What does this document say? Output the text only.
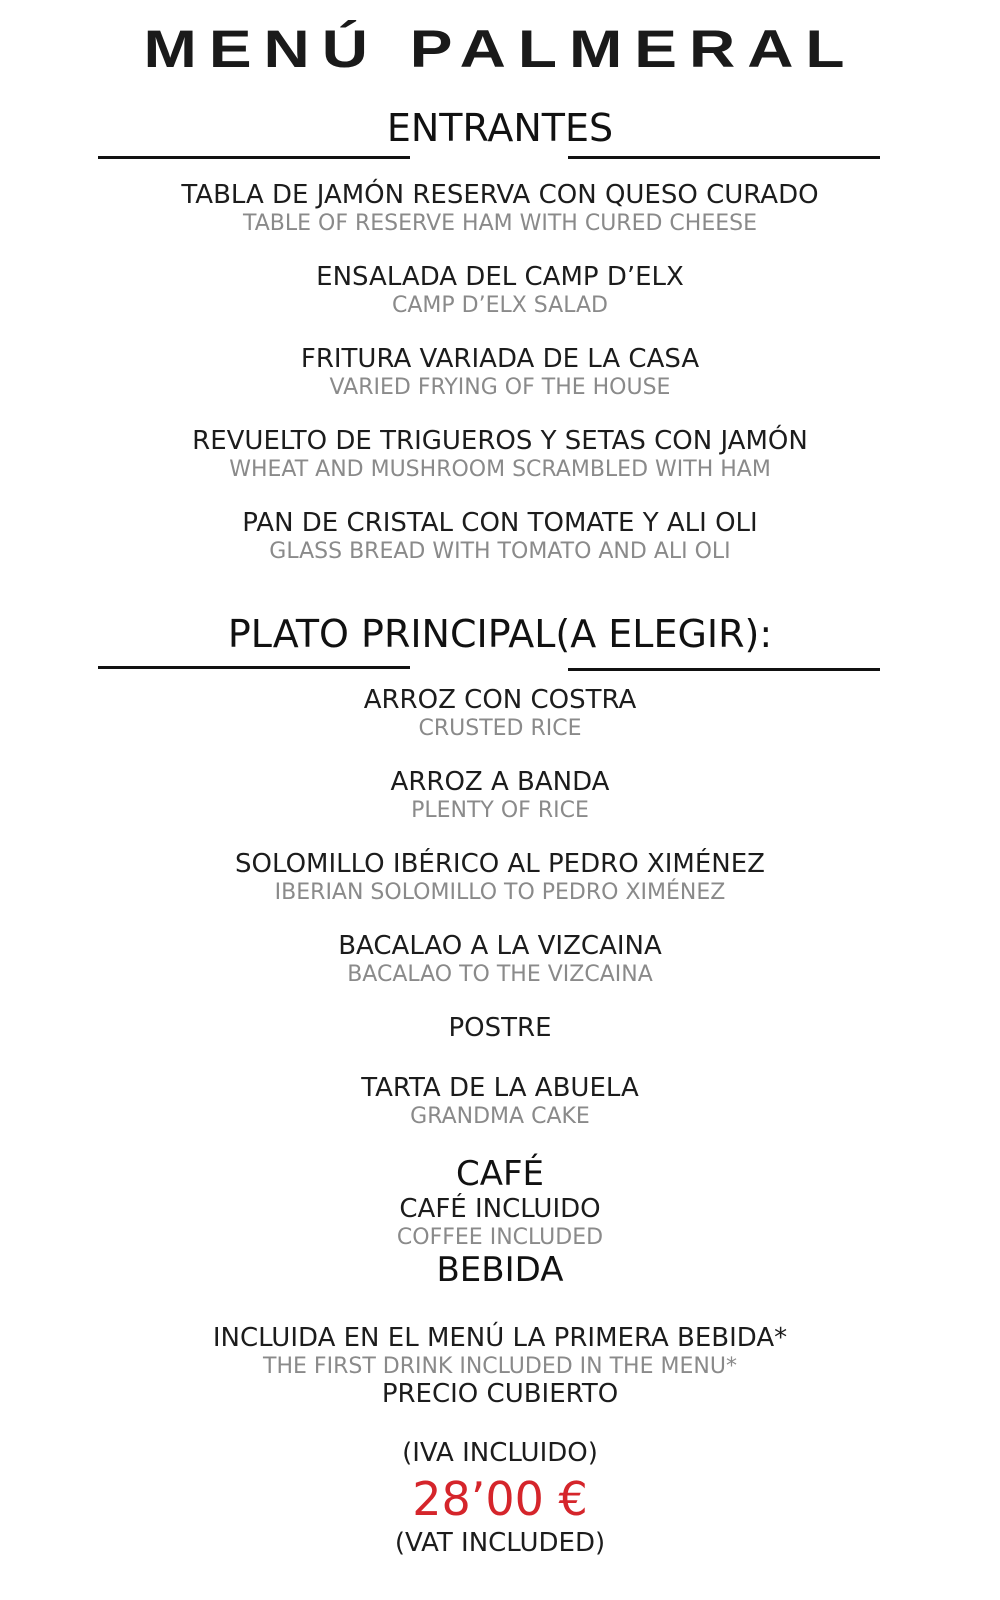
MENÚ PALMERAL
ENTRANTES
TABLA DE JAMÓN RESERVA CON QUESO CURADO
TABLE OF RESERVE HAM WITH CURED CHEESE
ENSALADA DEL CAMP D’ELX
CAMP D’ELX SALAD
FRITURA VARIADA DE LA CASA
VARIED FRYING OF THE HOUSE
REVUELTO DE TRIGUEROS Y SETAS CON JAMÓN
WHEAT AND MUSHROOM SCRAMBLED WITH HAM
PAN DE CRISTAL CON TOMATE Y ALI OLI
GLASS BREAD WITH TOMATO AND ALI OLI
PLATO PRINCIPAL(A ELEGIR):
ARROZ CON COSTRA
CRUSTED RICE
ARROZ A BANDA
PLENTY OF RICE
SOLOMILLO IBÉRICO AL PEDRO XIMÉNEZ
IBERIAN SOLOMILLO TO PEDRO XIMÉNEZ
BACALAO A LA VIZCAINA
BACALAO TO THE VIZCAINA
POSTRE
TARTA DE LA ABUELA
GRANDMA CAKE
CAFÉ
CAFÉ INCLUIDO
COFFEE INCLUDED
BEBIDA
INCLUIDA EN EL MENÚ LA PRIMERA BEBIDA*
THE FIRST DRINK INCLUDED IN THE MENU*
PRECIO CUBIERTO
(IVA INCLUIDO)
28’00 €
(VAT INCLUDED)
